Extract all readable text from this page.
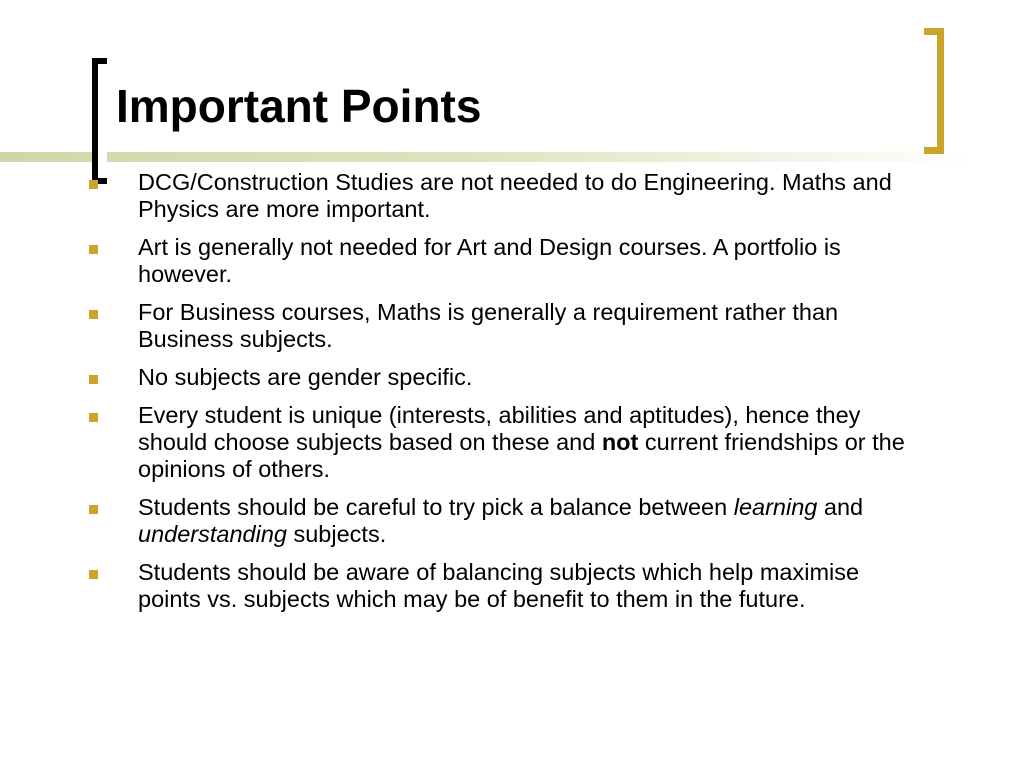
Important Points
DCG/Construction Studies are not needed to do Engineering. Maths and Physics are more important.
Art is generally not needed for Art and Design courses. A portfolio is however.
For Business courses, Maths is generally a requirement rather than Business subjects.
No subjects are gender specific.
Every student is unique (interests, abilities and aptitudes), hence they should choose subjects based on these and not current friendships or the opinions of others.
Students should be careful to try pick a balance between learning and understanding subjects.
Students should be aware of balancing subjects which help maximise points vs. subjects which may be of benefit to them in the future.
